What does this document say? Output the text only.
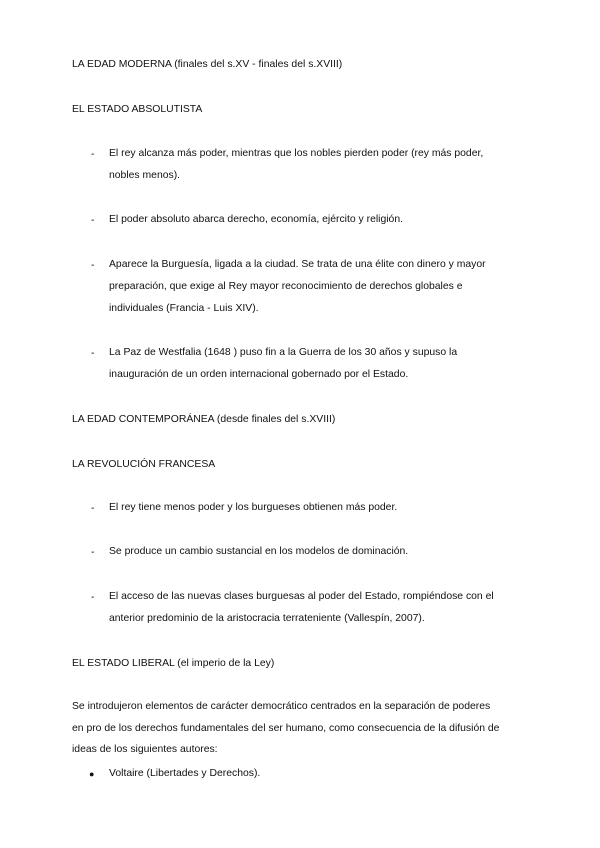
LA EDAD MODERNA (finales del s.XV - finales del s.XVIII)
EL ESTADO ABSOLUTISTA
- El rey alcanza más poder, mientras que los nobles pierden poder (rey más poder,
nobles menos).
- El poder absoluto abarca derecho, economía, ejército y religión.
- Aparece la Burguesía, ligada a la ciudad. Se trata de una élite con dinero y mayor
preparación, que exige al Rey mayor reconocimiento de derechos globales e
individuales (Francia - Luis XIV).
- La Paz de Westfalia (1648 ) puso fin a la Guerra de los 30 años y supuso la
inauguración de un orden internacional gobernado por el Estado.
LA EDAD CONTEMPORÁNEA (desde finales del s.XVIII)
LA REVOLUCIÓN FRANCESA
- El rey tiene menos poder y los burgueses obtienen más poder.
- Se produce un cambio sustancial en los modelos de dominación.
- El acceso de las nuevas clases burguesas al poder del Estado, rompiéndose con el
anterior predominio de la aristocracia terrateniente (Vallespín, 2007).
EL ESTADO LIBERAL (el imperio de la Ley)
Se introdujeron elementos de carácter democrático centrados en la separación de poderes
en pro de los derechos fundamentales del ser humano, como consecuencia de la difusión de
ideas de los siguientes autores:
● Voltaire (Libertades y Derechos).
